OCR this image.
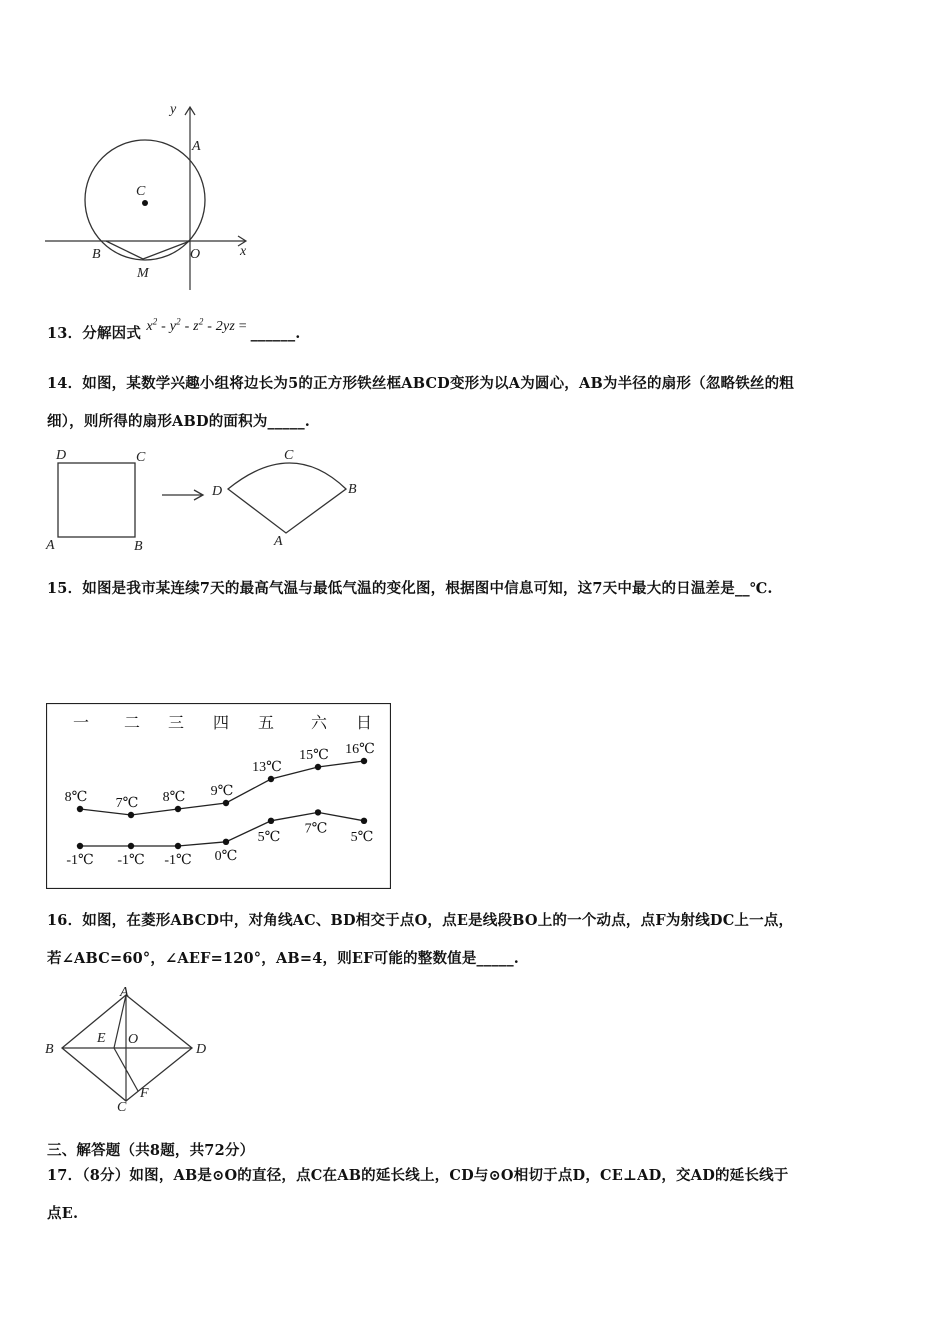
y
x
A
C
B	O
M
13．分解因式 $x^2 - y^2 - z^2 - 2yz$ = ______.
14．如图，某数学兴趣小组将边长为5的正方形铁丝框ABCD变形为以A为圆心，AB为半径的扇形（忽略铁丝的粗
细），则所得的扇形ABD的面积为_____.
D	C
A	B
D
C
B
A
15．如图是我市某连续7天的最高气温与最低气温的变化图，根据图中信息可知，这7天中最大的日温差是__℃.
一 二 三 四 五 六 日
8℃ 7℃ 8℃ 9℃
13℃
15℃ 16℃
-1℃ -1℃ -1℃ 0℃
5℃
7℃
5℃
16．如图，在菱形ABCD中，对角线AC、BD相交于点O，点E是线段BO上的一个动点，点F为射线DC上一点，
若∠ABC=60°，∠AEF=120°，AB=4，则EF可能的整数值是_____.
A
B
C
D
E O
F
三、解答题（共8题，共72分）
17．（8分）如图，AB是⊙O的直径，点C在AB的延长线上，CD与⊙O相切于点D，CE⊥AD，交AD的延长线于
点E.
